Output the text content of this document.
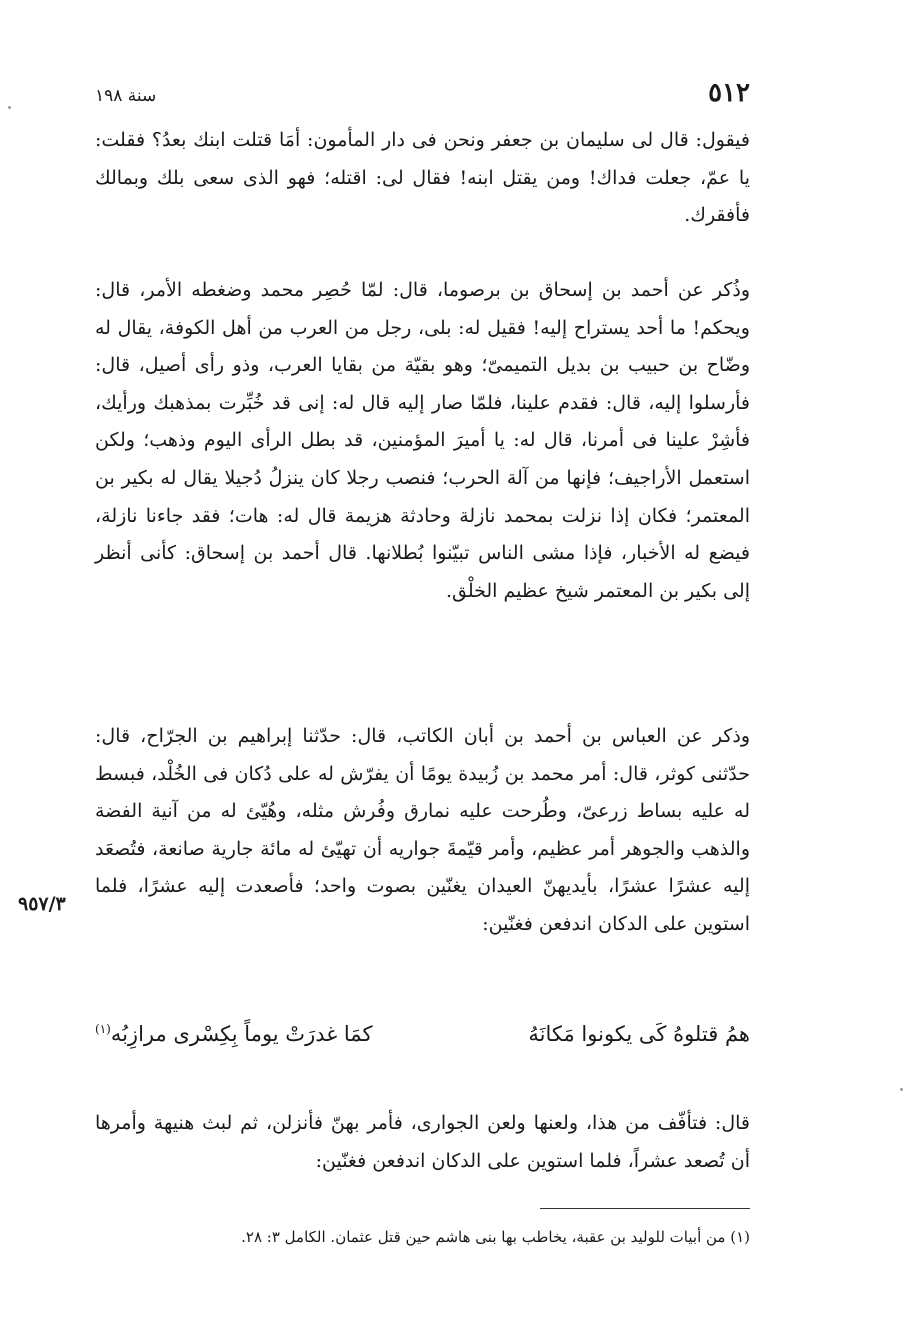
٥١٢
سنة ١٩٨

فيقول: قال لى سليمان بن جعفر ونحن فى دار المأمون: أمَا قتلت ابنك بعدُ؟ فقلت: يا عمّ، جعلت فداك! ومن يقتل ابنه! فقال لى: اقتله؛ فهو الذى سعى بلك وبمالك فأفقرك.

وذُكر عن أحمد بن إسحاق بن برصوما، قال: لمّا حُصِر محمد وضغطه الأمر، قال: ويحكم! ما أحد يستراح إليه! فقيل له: بلى، رجل من العرب من أهل الكوفة، يقال له وضّاح بن حبيب بن بديل التميمىّ؛ وهو بقيّة من بقايا العرب، وذو رأى أصيل، قال: فأرسلوا إليه، قال: فقدم علينا، فلمّا صار إليه قال له: إنى قد خُبِّرت بمذهبك ورأيك، فأشِرْ علينا فى أمرنا، قال له: يا أميرَ المؤمنين، قد بطل الرأى اليوم وذهب؛ ولكن استعمل الأراجيف؛ فإنها من آلة الحرب؛ فنصب رجلا كان ينزلُ دُجيلا يقال له بكير بن المعتمر؛ فكان إذا نزلت بمحمد نازلة وحادثة هزيمة قال له: هات؛ فقد جاءنا نازلة، فيضع له الأخبار، فإذا مشى الناس تبيّنوا بُطلانها. قال أحمد بن إسحاق: كأنى أنظر إلى بكير بن المعتمر شيخ عظيم الخلْق.

وذكر عن العباس بن أحمد بن أبان الكاتب، قال: حدّثنا إبراهيم بن الجرّاح، قال: حدّثنى كوثر، قال: أمر محمد بن زُبيدة يومًا أن يفرّش له على دُكان فى الخُلْد، فبسط له عليه بساط زرعىّ، وطُرحت عليه نمارق وفُرش مثله، وهُيّئ له من آنية الفضة والذهب والجوهر أمر عظيم، وأمر قيّمةَ جواريه أن تهيّئ له مائة جارية صانعة، فتُصعَد إليه عشرًا عشرًا، بأيديهنّ العيدان يغنّين بصوت واحد؛ فأصعدت إليه عشرًا، فلما استوين على الدكان اندفعن فغنّين:

٩٥٧/٣
همُ قتلوهُ كَى يكونوا مَكانَهُ
كمَا غدرَتْ يوماً بِكِسْرى مرازِبُه$^{(١)}$

قال: فتأفّف من هذا، ولعنها ولعن الجوارى، فأمر بهنّ فأنزلن، ثم لبث هنيهة وأمرها أن تُصعد عشراً، فلما استوين على الدكان اندفعن فغنّين:

(١) من أبيات للوليد بن عقبة، يخاطب بها بنى هاشم حين قتل عثمان. الكامل ٣: ٢٨.
